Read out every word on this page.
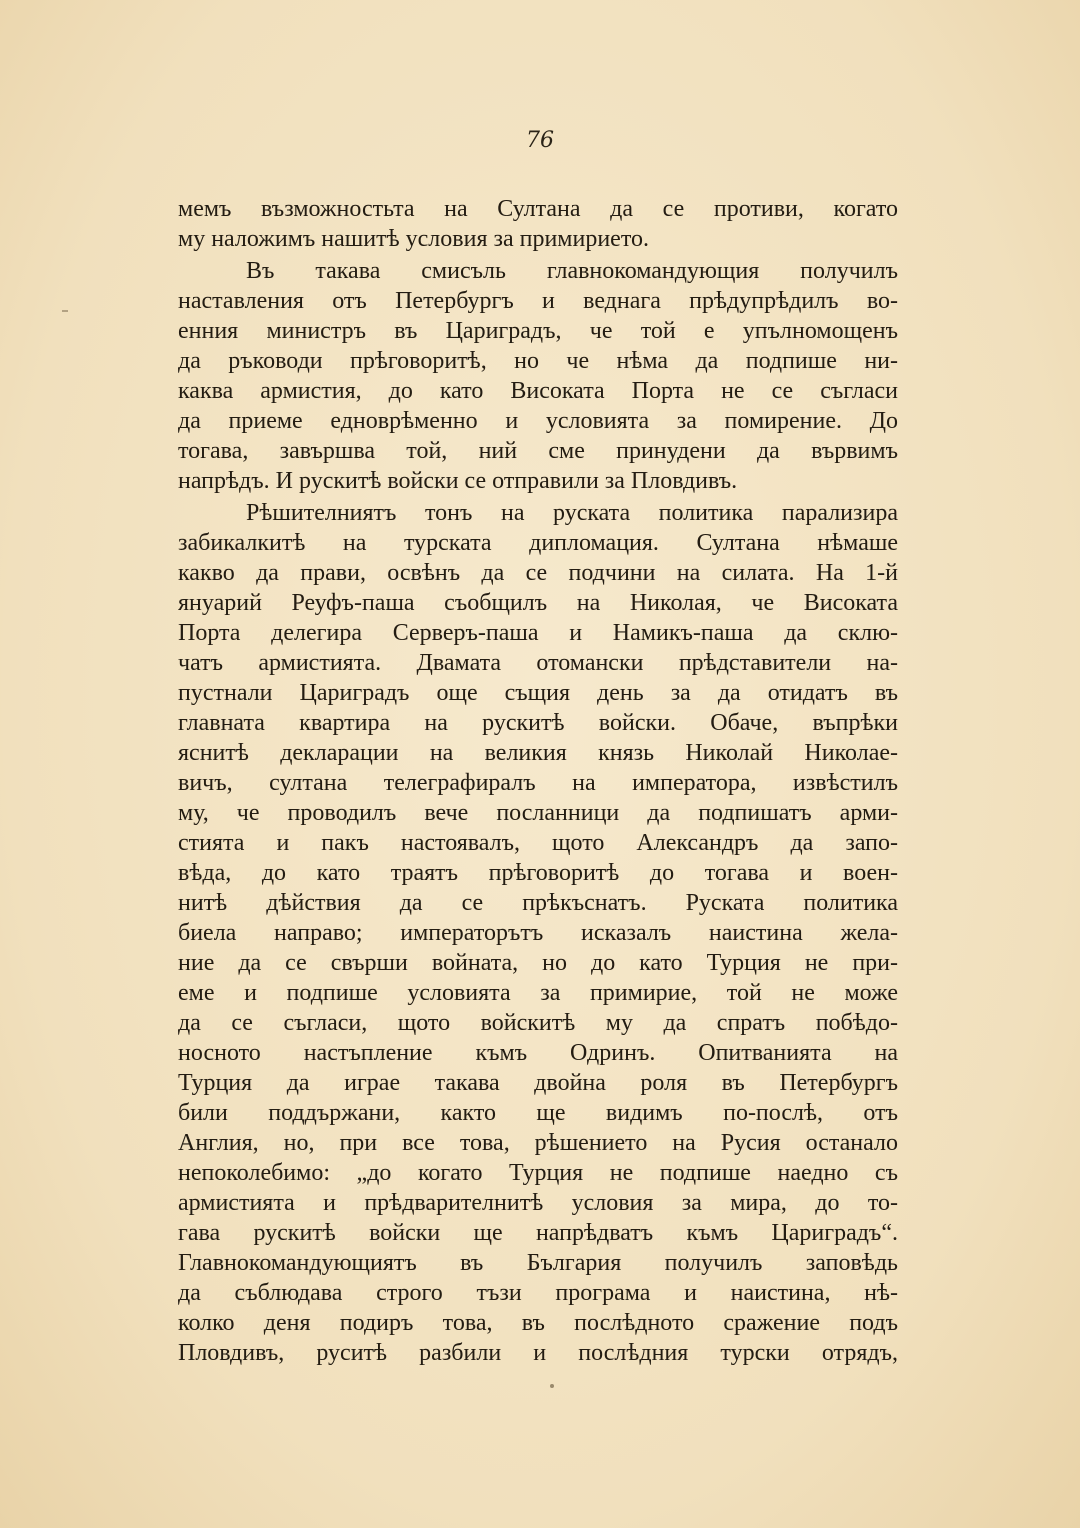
76
мемъ възможностьта на Султана да се противи, когато
му наложимъ нашитѣ условия за примирието.
Въ такава смисъль главнокомандующия получилъ
наставления отъ Петербургъ и веднага прѣдупрѣдилъ во-
енния министръ въ Цариградъ, че той е упълномощенъ
да ръководи прѣговоритѣ, но че нѣма да подпише ни-
каква армистия, до като Високата Порта не се съгласи
да приеме едноврѣменно и условията за помирение. До
тогава, завършва той, ний сме принудени да вървимъ
напрѣдъ. И рускитѣ войски се отправили за Пловдивъ.
Рѣшителниятъ тонъ на руската политика парализира
забикалкитѣ на турската дипломация. Султана нѣмаше
какво да прави, освѣнъ да се подчини на силата. На 1-й
януарий Реуфъ-паша съобщилъ на Николая, че Високата
Порта делегира Серверъ-паша и Намикъ-паша да склю-
чатъ армистията. Двамата отомански прѣдставители на-
пустнали Цариградъ още същия день за да отидатъ въ
главната квартира на рускитѣ войски. Обаче, въпрѣки
яснитѣ декларации на великия князь Николай Николае-
вичъ, султана телеграфиралъ на императора, извѣстилъ
му, че проводилъ вече посланници да подпишатъ арми-
стията и пакъ настоявалъ, щото Александръ да запо-
вѣда, до като траятъ прѣговоритѣ до тогава и воен-
нитѣ дѣйствия да се прѣкъснатъ. Руската политика
биела направо; императорътъ исказалъ наистина жела-
ние да се свърши войната, но до като Турция не при-
еме и подпише условията за примирие, той не може
да се съгласи, щото войскитѣ му да спратъ побѣдо-
носното настъпление къмъ Одринъ. Опитванията на
Турция да играе такава двойна роля въ Петербургъ
били поддържани, както ще видимъ по-послѣ, отъ
Англия, но, при все това, рѣшението на Русия останало
непоколебимо: „до когато Турция не подпише наедно съ
армистията и прѣдварителнитѣ условия за мира, до то-
гава рускитѣ войски ще напрѣдватъ къмъ Цариградъ“.
Главнокомандующиятъ въ България получилъ заповѣдь
да съблюдава строго тъзи програма и наистина, нѣ-
колко деня подиръ това, въ послѣдното сражение подъ
Пловдивъ, руситѣ разбили и послѣдния турски отрядъ,
